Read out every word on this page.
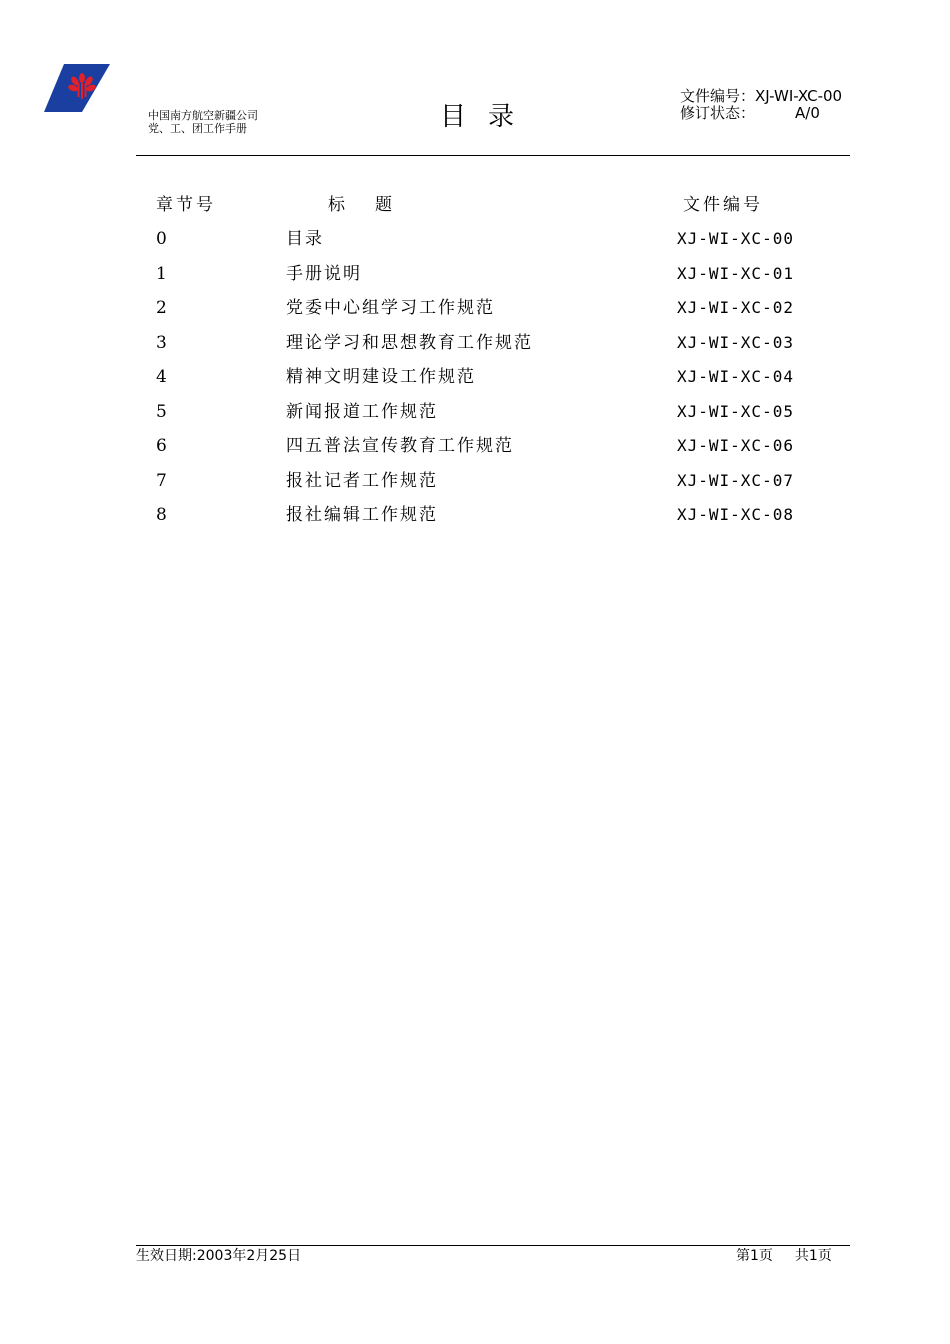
中国南方航空新疆公司
党、工、团工作手册	目录
文件编号：XJ-WI-XC-00
修订状态：	A/0
章节号	标 题	文件编号
0	目录	XJ-WI-XC-00
1	手册说明	XJ-WI-XC-01
2	党委中心组学习工作规范	XJ-WI-XC-02
3	理论学习和思想教育工作规范	XJ-WI-XC-03
4	精神文明建设工作规范	XJ-WI-XC-04
5	新闻报道工作规范	XJ-WI-XC-05
6	四五普法宣传教育工作规范	XJ-WI-XC-06
7	报社记者工作规范	XJ-WI-XC-07
8	报社编辑工作规范	XJ-WI-XC-08
生效日期:2003年2月25日	第1页 共1页
